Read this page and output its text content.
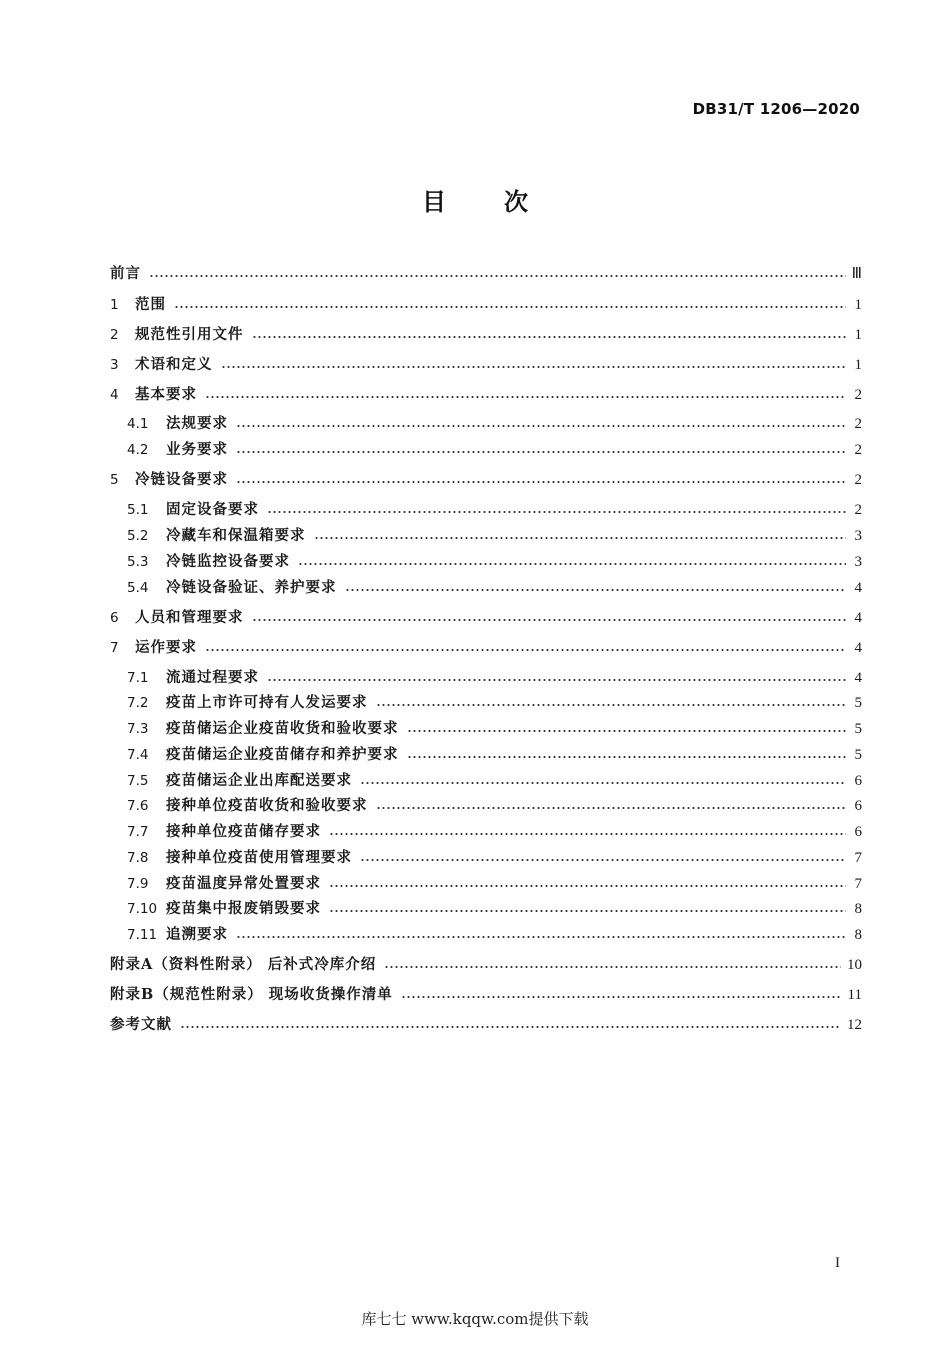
DB31/T 1206—2020
目次
前言	Ⅲ
1	范围	1
2	规范性引用文件	1
3	术语和定义	1
4	基本要求	2
4.1	法规要求	2
4.2	业务要求	2
5	冷链设备要求	2
5.1	固定设备要求	2
5.2	冷藏车和保温箱要求	3
5.3	冷链监控设备要求	3
5.4	冷链设备验证、养护要求	4
6	人员和管理要求	4
7	运作要求	4
7.1	流通过程要求	4
7.2	疫苗上市许可持有人发运要求	5
7.3	疫苗储运企业疫苗收货和验收要求	5
7.4	疫苗储运企业疫苗储存和养护要求	5
7.5	疫苗储运企业出库配送要求	6
7.6	接种单位疫苗收货和验收要求	6
7.7	接种单位疫苗储存要求	6
7.8	接种单位疫苗使用管理要求	7
7.9	疫苗温度异常处置要求	7
7.10 疫苗集中报废销毁要求	8
7.11 追溯要求	8
附录A（资料性附录） 后补式冷库介绍	10
附录B（规范性附录） 现场收货操作清单	11
参考文献	12
I
库七七 www.kqqw.com提供下载
